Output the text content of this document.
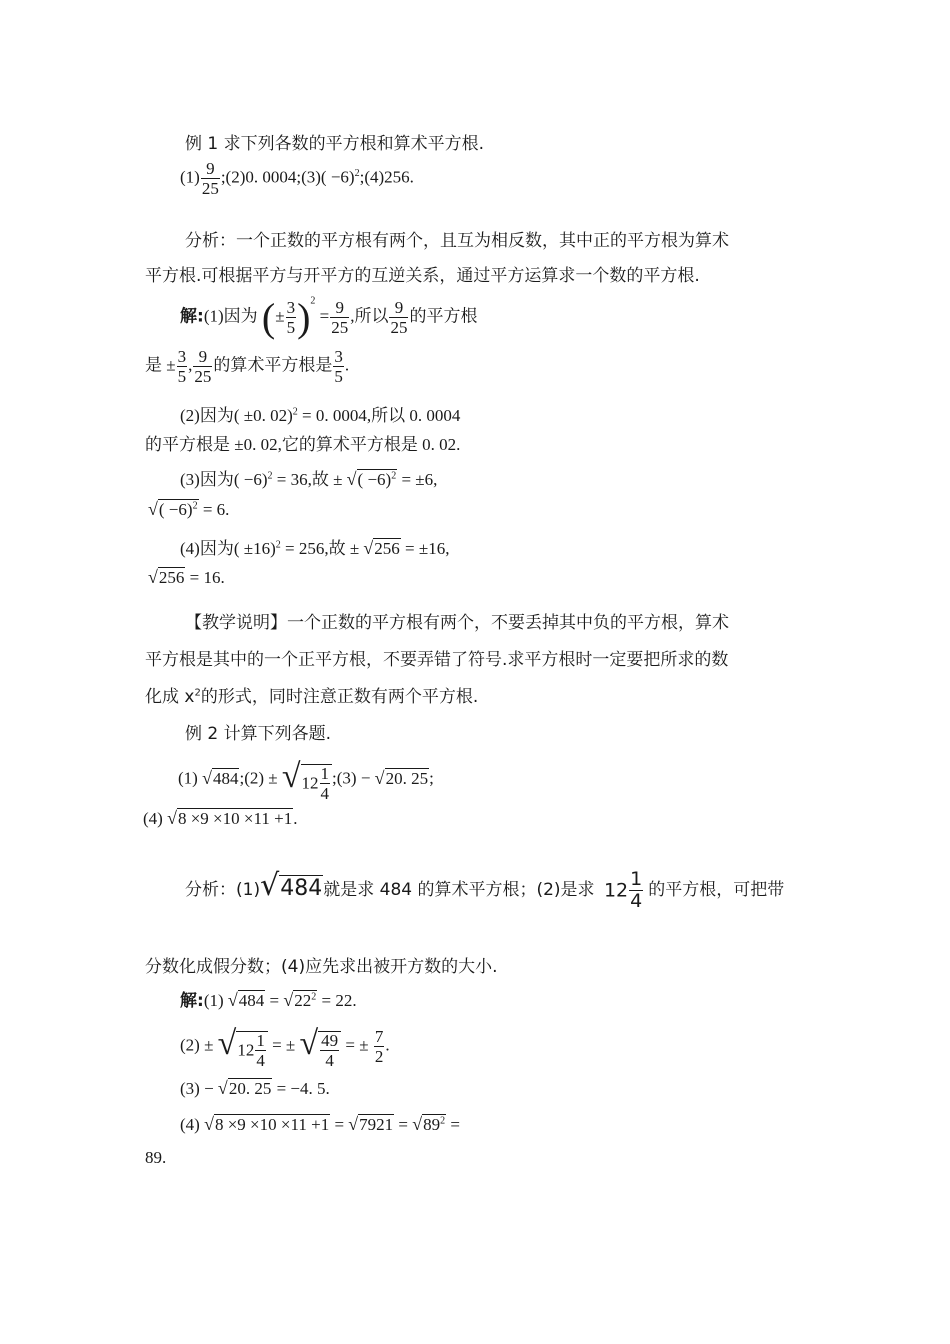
例 1 求下列各数的平方根和算术平方根.
$(1) \frac{9}{25}$ ;(2)0. 0004;(3)( −6)$^2$;(4)256.
分析：一个正数的平方根有两个，且互为相反数，其中正的平方根为算术
平方根.可根据平方与开平方的互逆关系，通过平方运算求一个数的平方根.
解:(1)因为 (± $\frac{3}{5} )^2 = \frac{9}{25}$ ,所以 $\frac{9}{25}$ 的平方根
是 ± $\frac{3}{5}$ , $\frac{9}{25}$ 的算术平方根是 $\frac{3}{5}$ .
(2)因为( ±0. 02)$^2$ = 0. 0004,所以 0. 0004
的平方根是 ±0. 02,它的算术平方根是 0. 02.
(3)因为( −6)$^2$ = 36,故 ± √( −6)$^2$ = ±6,
√( −6)$^2$ = 6.
(4)因为( ±16)$^2$ = 256,故 ± √256 = ±16,
√256 = 16.
【教学说明】一个正数的平方根有两个，不要丢掉其中负的平方根，算术
平方根是其中的一个正平方根，不要弄错了符号.求平方根时一定要把所求的数
化成 $x^2$的形式，同时注意正数有两个平方根.
例 2 计算下列各题.
(1) √484;(2) ± $√12 \frac{1}{4}$ ;(3) − √20. 25;
(4) √8 ×9 ×10 ×11 +1.
分析：(1)√484就是求 484 的算术平方根；(2)是求 $12 \frac{1}{4}$ 的平方根，可把带
分数化成假分数；(4)应先求出被开方数的大小.
解:(1) $√484 = √22^2 = 22$.
$(2) \pm √12 \frac{1}{4}$ = ± √ $\frac{49}{4}$ = ± $\frac{7}{2}$ .
(3) − √20. 25 = −4. 5.
(4) $√8 \times 9 \times 10 \times 11 +1 = √7921 = √89^2$ =
89.
